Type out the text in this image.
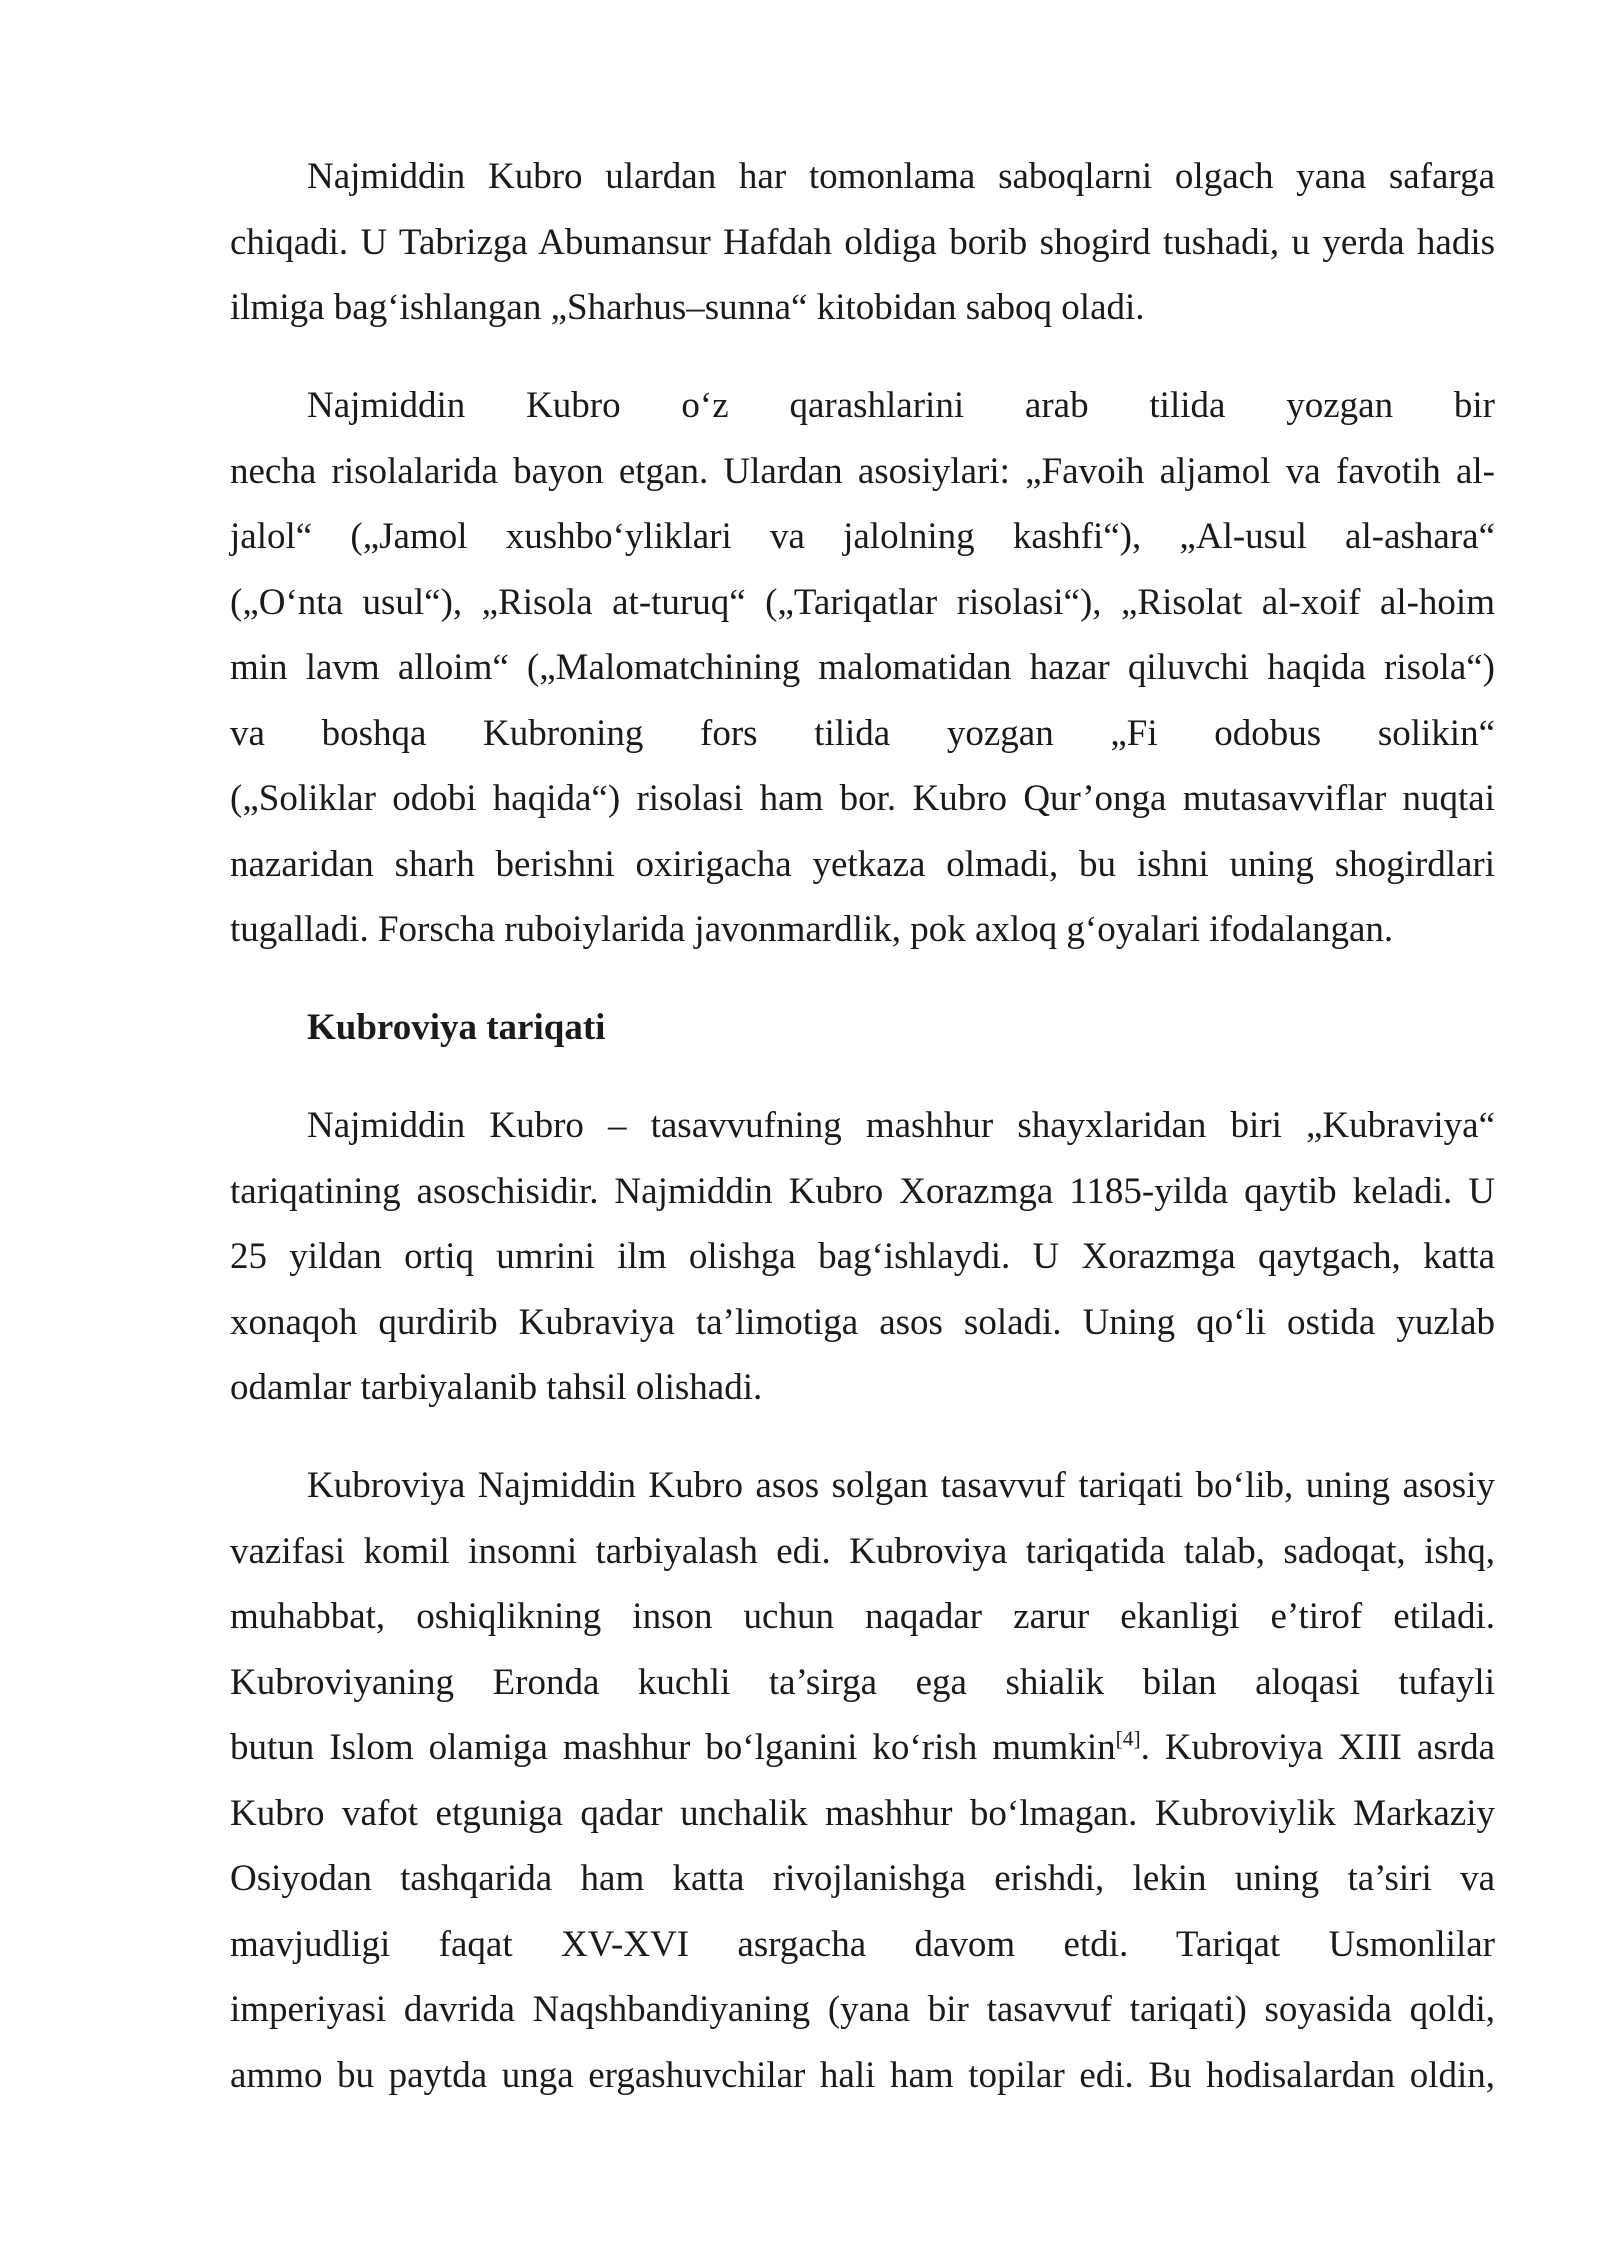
Najmiddin Kubro ulardan har tomonlama saboqlarni olgach yana safarga
chiqadi. U Tabrizga Abumansur Hafdah oldiga borib shogird tushadi, u yerda hadis
ilmiga bag‘ishlangan „Sharhus–sunna“ kitobidan saboq oladi.
Najmiddin Kubro o‘z qarashlarini arab tilida yozgan bir
necha risolalarida bayon etgan. Ulardan asosiylari: „Favoih aljamol va favotih al-
jalol“ („Jamol xushbo‘yliklari va jalolning kashfi“), „Al-usul al-ashara“
(„O‘nta usul“), „Risola at-turuq“ („Tariqatlar risolasi“), „Risolat al-xoif al-hoim
min lavm alloim“ („Malomatchining malomatidan hazar qiluvchi haqida risola“)
va boshqa Kubroning fors tilida yozgan „Fi odobus solikin“
(„Soliklar odobi haqida“) risolasi ham bor. Kubro Qur’onga mutasavviflar nuqtai
nazaridan sharh berishni oxirigacha yetkaza olmadi, bu ishni uning shogirdlari
tugalladi. Forscha ruboiylarida javonmardlik, pok axloq g‘oyalari ifodalangan.
Kubroviya tariqati
Najmiddin Kubro – tasavvufning mashhur shayxlaridan biri „Kubraviya“
tariqatining asoschisidir. Najmiddin Kubro Xorazmga 1185-yilda qaytib keladi. U
25 yildan ortiq umrini ilm olishga bag‘ishlaydi. U Xorazmga qaytgach, katta
xonaqoh qurdirib Kubraviya ta’limotiga asos soladi. Uning qo‘li ostida yuzlab
odamlar tarbiyalanib tahsil olishadi.
Kubroviya Najmiddin Kubro asos solgan tasavvuf tariqati bo‘lib, uning asosiy
vazifasi komil insonni tarbiyalash edi. Kubroviya tariqatida talab, sadoqat, ishq,
muhabbat, oshiqlikning inson uchun naqadar zarur ekanligi e’tirof etiladi.
Kubroviyaning Eronda kuchli ta’sirga ega shialik bilan aloqasi tufayli
butun Islom olamiga mashhur bo‘lganini ko‘rish mumkin[4]. Kubroviya XIII asrda
Kubro vafot etguniga qadar unchalik mashhur bo‘lmagan. Kubroviylik Markaziy
Osiyodan tashqarida ham katta rivojlanishga erishdi, lekin uning ta’siri va
mavjudligi faqat XV-XVI asrgacha davom etdi. Tariqat Usmonlilar
imperiyasi davrida Naqshbandiyaning (yana bir tasavvuf tariqati) soyasida qoldi,
ammo bu paytda unga ergashuvchilar hali ham topilar edi. Bu hodisalardan oldin,
